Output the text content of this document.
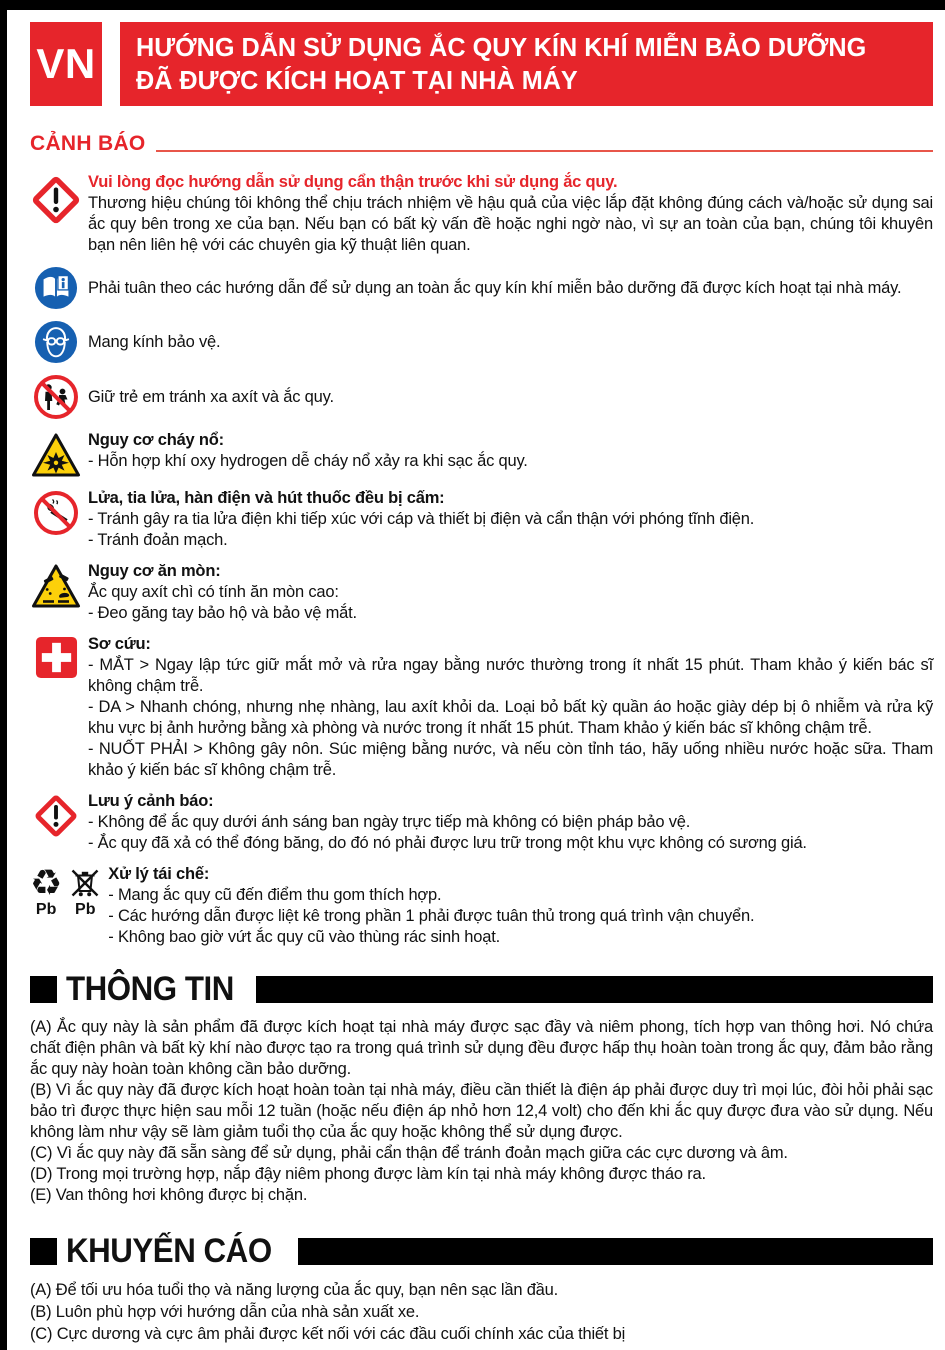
VN HƯỚNG DẪN SỬ DỤNG ẮC QUY KÍN KHÍ MIỄN BẢO DƯỠNG
ĐÃ ĐƯỢC KÍCH HOẠT TẠI NHÀ MÁY
CẢNH BÁO

Vui lòng đọc hướng dẫn sử dụng cẩn thận trước khi sử dụng ắc quy.

Thương hiệu chúng tôi không thể chịu trách nhiệm về hậu quả của việc lắp đặt không đúng cách và/hoặc sử dụng sai ắc quy bên trong xe của bạn. Nếu bạn có bất kỳ vấn đề hoặc nghi ngờ nào, vì sự an toàn của bạn, chúng tôi khuyên bạn nên liên hệ với các chuyên gia kỹ thuật liên quan.

Phải tuân theo các hướng dẫn để sử dụng an toàn ắc quy kín khí miễn bảo dưỡng đã được kích hoạt tại nhà máy.

Mang kính bảo vệ.

Giữ trẻ em tránh xa axít và ắc quy.

Nguy cơ cháy nổ:

- Hỗn hợp khí oxy hydrogen dễ cháy nổ xảy ra khi sạc ắc quy.

Lửa, tia lửa, hàn điện và hút thuốc đều bị cấm:

- Tránh gây ra tia lửa điện khi tiếp xúc với cáp và thiết bị điện và cẩn thận với phóng tĩnh điện.

- Tránh đoản mạch.

Nguy cơ ăn mòn:

Ắc quy axít chì có tính ăn mòn cao:

- Đeo găng tay bảo hộ và bảo vệ mắt.

Sơ cứu:

- MẮT > Ngay lập tức giữ mắt mở và rửa ngay bằng nước thường trong ít nhất 15 phút. Tham khảo ý kiến bác sĩ không chậm trễ.

- DA > Nhanh chóng, nhưng nhẹ nhàng, lau axít khỏi da. Loại bỏ bất kỳ quần áo hoặc giày dép bị ô nhiễm và rửa kỹ khu vực bị ảnh hưởng bằng xà phòng và nước trong ít nhất 15 phút. Tham khảo ý kiến bác sĩ không chậm trễ.

- NUỐT PHẢI > Không gây nôn. Súc miệng bằng nước, và nếu còn tỉnh táo, hãy uống nhiều nước hoặc sữa. Tham khảo ý kiến bác sĩ không chậm trễ.

Lưu ý cảnh báo:

- Không để ắc quy dưới ánh sáng ban ngày trực tiếp mà không có biện pháp bảo vệ.

- Ắc quy đã xả có thể đóng băng, do đó nó phải được lưu trữ trong một khu vực không có sương giá.

♻
Pb Pb

Xử lý tái chế:

- Mang ắc quy cũ đến điểm thu gom thích hợp.

- Các hướng dẫn được liệt kê trong phần 1 phải được tuân thủ trong quá trình vận chuyển.

- Không bao giờ vứt ắc quy cũ vào thùng rác sinh hoạt.

THÔNG TIN

(A) Ắc quy này là sản phẩm đã được kích hoạt tại nhà máy được sạc đầy và niêm phong, tích hợp van thông hơi. Nó chứa chất điện phân và bất kỳ khí nào được tạo ra trong quá trình sử dụng đều được hấp thụ hoàn toàn trong ắc quy, đảm bảo rằng ắc quy này hoàn toàn không cần bảo dưỡng.

(B) Vì ắc quy này đã được kích hoạt hoàn toàn tại nhà máy, điều cần thiết là điện áp phải được duy trì mọi lúc, đòi hỏi phải sạc bảo trì được thực hiện sau mỗi 12 tuần (hoặc nếu điện áp nhỏ hơn 12,4 volt) cho đến khi ắc quy được đưa vào sử dụng. Nếu không làm như vậy sẽ làm giảm tuổi thọ của ắc quy hoặc không thể sử dụng được.

(C) Vì ắc quy này đã sẵn sàng để sử dụng, phải cẩn thận để tránh đoản mạch giữa các cực dương và âm.

(D) Trong mọi trường hợp, nắp đậy niêm phong được làm kín tại nhà máy không được tháo ra.

(E) Van thông hơi không được bị chặn.

KHUYẾN CÁO

(A) Để tối ưu hóa tuổi thọ và năng lượng của ắc quy, bạn nên sạc lần đầu.

(B) Luôn phù hợp với hướng dẫn của nhà sản xuất xe.

(C) Cực dương và cực âm phải được kết nối với các đầu cuối chính xác của thiết bị
